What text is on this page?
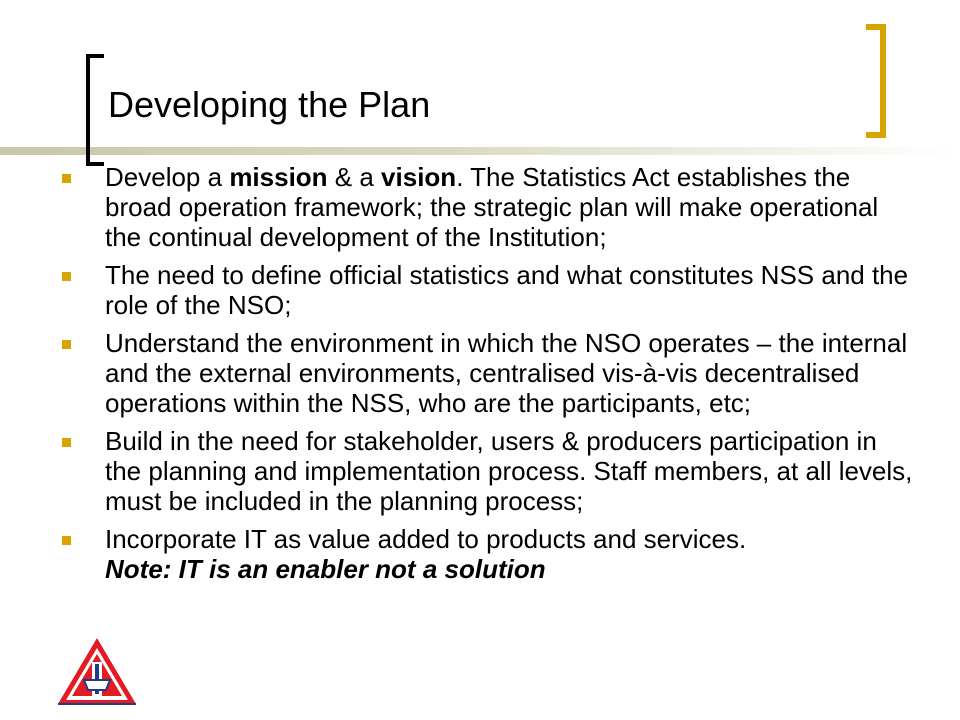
Developing the Plan
Develop a mission & a vision. The Statistics Act establishes the broad operation framework; the strategic plan will make operational the continual development of the Institution;
The need to define official statistics and what constitutes NSS and the role of the NSO;
Understand the environment in which the NSO operates – the internal and the external environments, centralised vis-à-vis decentralised operations within the NSS, who are the participants, etc;
Build in the need for stakeholder, users & producers participation in the planning and implementation process. Staff members, at all levels, must be included in the planning process;
Incorporate IT as value added to products and services.
Note: IT is an enabler not a solution
